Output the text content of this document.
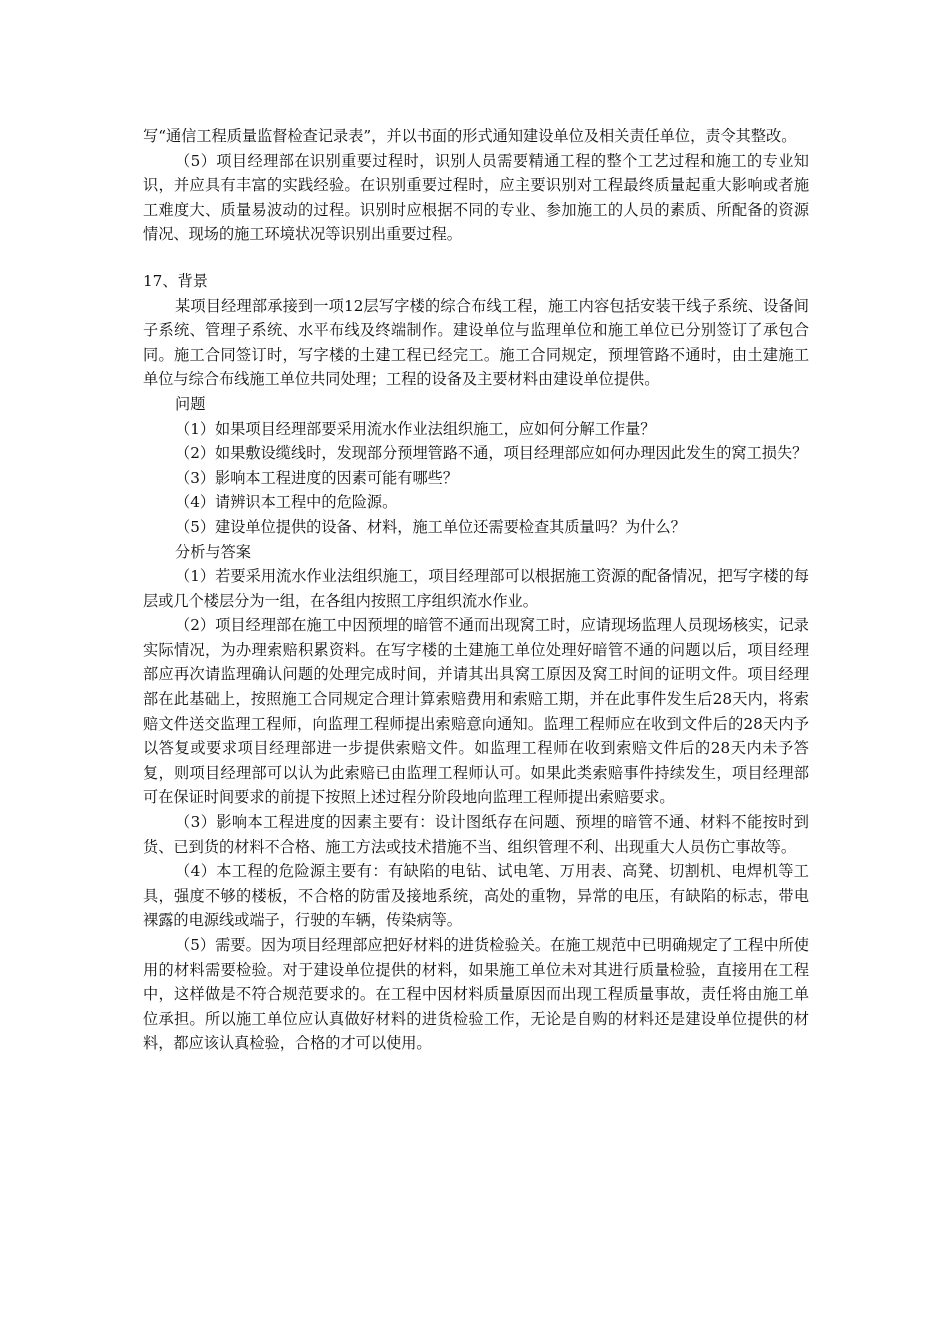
写“通信工程质量监督检查记录表”，并以书面的形式通知建设单位及相关责任单位，责令其整改。

（5）项目经理部在识别重要过程时，识别人员需要精通工程的整个工艺过程和施工的专业知识，并应具有丰富的实践经验。在识别重要过程时，应主要识别对工程最终质量起重大影响或者施工难度大、质量易波动的过程。识别时应根据不同的专业、参加施工的人员的素质、所配备的资源情况、现场的施工环境状况等识别出重要过程。

17、背景

某项目经理部承接到一项12层写字楼的综合布线工程，施工内容包括安装干线子系统、设备间子系统、管理子系统、水平布线及终端制作。建设单位与监理单位和施工单位已分别签订了承包合同。施工合同签订时，写字楼的土建工程已经完工。施工合同规定，预埋管路不通时，由土建施工单位与综合布线施工单位共同处理；工程的设备及主要材料由建设单位提供。

问题

（1）如果项目经理部要采用流水作业法组织施工，应如何分解工作量？

（2）如果敷设缆线时，发现部分预埋管路不通，项目经理部应如何办理因此发生的窝工损失？

（3）影响本工程进度的因素可能有哪些？

（4）请辨识本工程中的危险源。

（5）建设单位提供的设备、材料，施工单位还需要检查其质量吗？为什么？

分析与答案

（1）若要采用流水作业法组织施工，项目经理部可以根据施工资源的配备情况，把写字楼的每层或几个楼层分为一组，在各组内按照工序组织流水作业。

（2）项目经理部在施工中因预埋的暗管不通而出现窝工时，应请现场监理人员现场核实，记录实际情况，为办理索赔积累资料。在写字楼的土建施工单位处理好暗管不通的问题以后，项目经理部应再次请监理确认问题的处理完成时间，并请其出具窝工原因及窝工时间的证明文件。项目经理部在此基础上，按照施工合同规定合理计算索赔费用和索赔工期，并在此事件发生后28天内，将索赔文件送交监理工程师，向监理工程师提出索赔意向通知。监理工程师应在收到文件后的28天内予以答复或要求项目经理部进一步提供索赔文件。如监理工程师在收到索赔文件后的28天内未予答复，则项目经理部可以认为此索赔已由监理工程师认可。如果此类索赔事件持续发生，项目经理部可在保证时间要求的前提下按照上述过程分阶段地向监理工程师提出索赔要求。

（3）影响本工程进度的因素主要有：设计图纸存在问题、预埋的暗管不通、材料不能按时到货、已到货的材料不合格、施工方法或技术措施不当、组织管理不利、出现重大人员伤亡事故等。

（4）本工程的危险源主要有：有缺陷的电钻、试电笔、万用表、高凳、切割机、电焊机等工具，强度不够的楼板，不合格的防雷及接地系统，高处的重物，异常的电压，有缺陷的标志，带电裸露的电源线或端子，行驶的车辆，传染病等。

（5）需要。因为项目经理部应把好材料的进货检验关。在施工规范中已明确规定了工程中所使用的材料需要检验。对于建设单位提供的材料，如果施工单位未对其进行质量检验，直接用在工程中，这样做是不符合规范要求的。在工程中因材料质量原因而出现工程质量事故，责任将由施工单位承担。所以施工单位应认真做好材料的进货检验工作，无论是自购的材料还是建设单位提供的材料，都应该认真检验，合格的才可以使用。
